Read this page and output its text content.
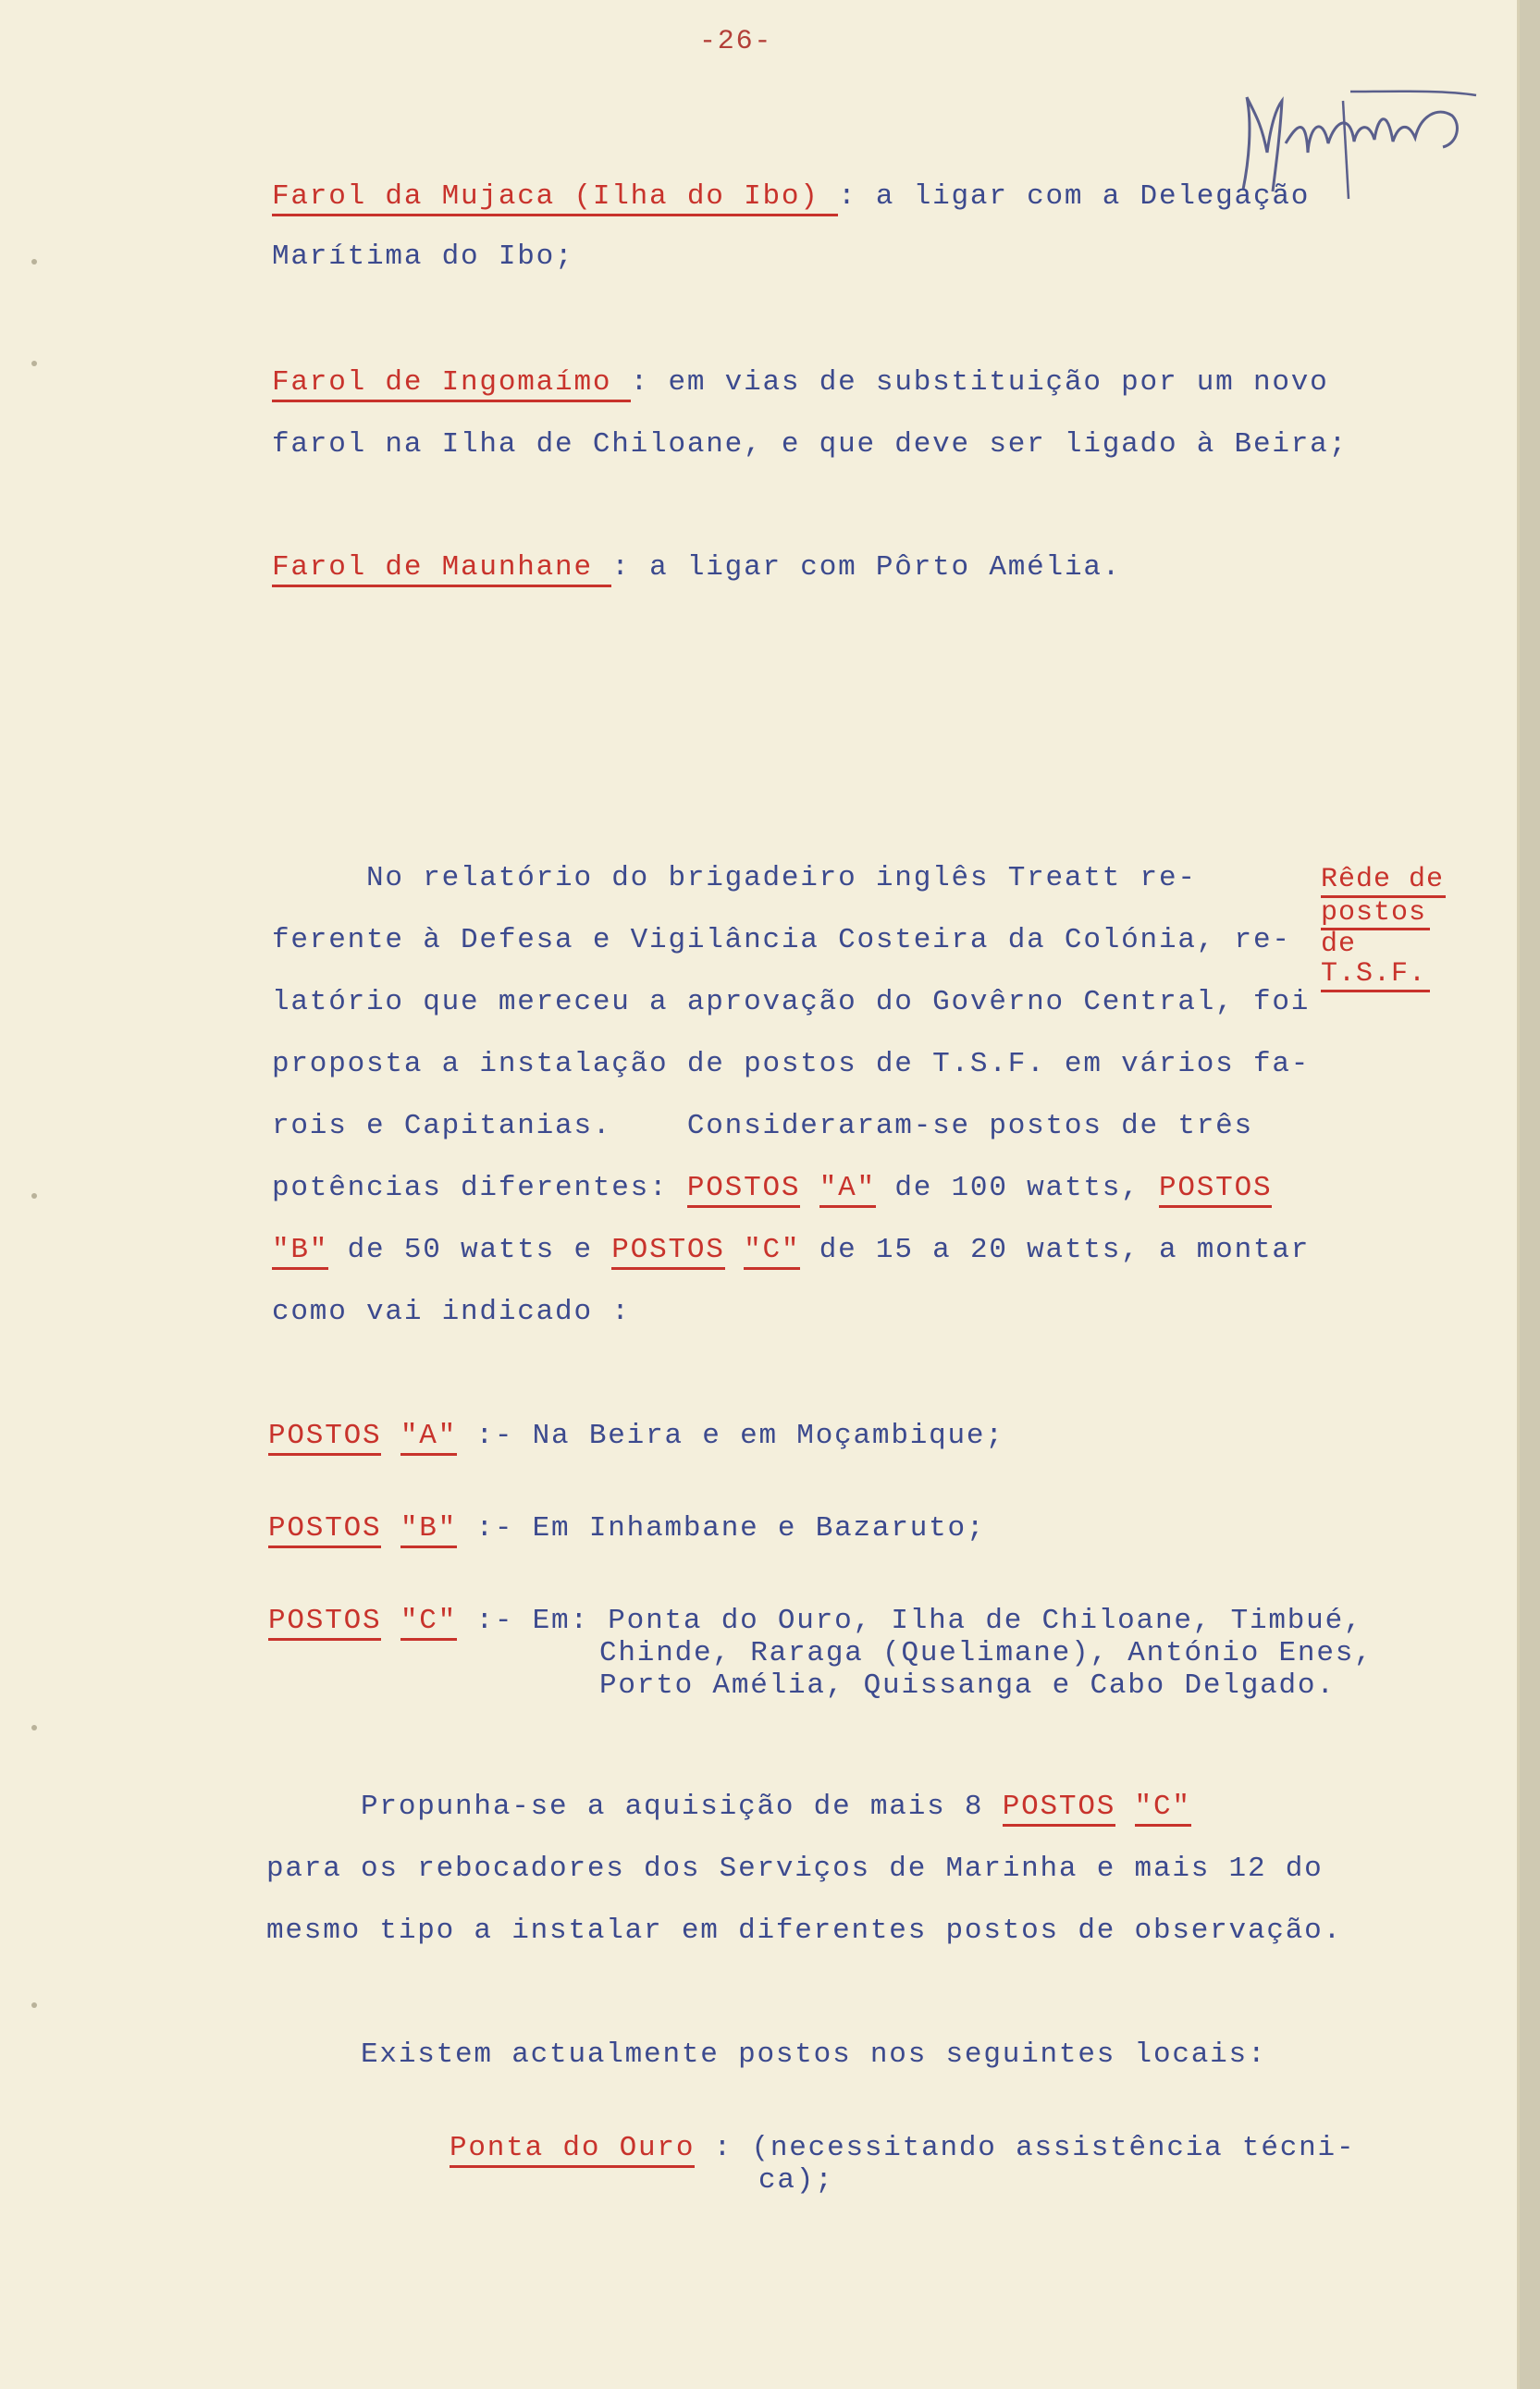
-26-
Farol da Mujaca (Ilha do Ibo) : a ligar com a Delegação
Marítima do Ibo;
Farol de Ingomaímo : em vias de substituição por um novo
farol na Ilha de Chiloane, e que deve ser ligado à Beira;
Farol de Maunhane : a ligar com Pôrto Amélia.
Rêde de
postos
de
T.S.F.
No relatório do brigadeiro inglês Treatt re-
ferente à Defesa e Vigilância Costeira da Colónia, re-
latório que mereceu a aprovação do Govêrno Central, foi
proposta a instalação de postos de T.S.F. em vários fa-
rois e Capitanias.    Consideraram-se postos de três
potências diferentes: POSTOS "A" de 100 watts, POSTOS
"B" de 50 watts e POSTOS "C" de 15 a 20 watts, a montar
como vai indicado :
POSTOS "A" :- Na Beira e em Moçambique;
POSTOS "B" :- Em Inhambane e Bazaruto;
POSTOS "C" :- Em: Ponta do Ouro, Ilha de Chiloane, Timbué,
Chinde, Raraga (Quelimane), António Enes,
Porto Amélia, Quissanga e Cabo Delgado.
Propunha-se a aquisição de mais 8 POSTOS "C"
para os rebocadores dos Serviços de Marinha e mais 12 do
mesmo tipo a instalar em diferentes postos de observação.
Existem actualmente postos nos seguintes locais:
Ponta do Ouro : (necessitando assistência técni-
ca);
